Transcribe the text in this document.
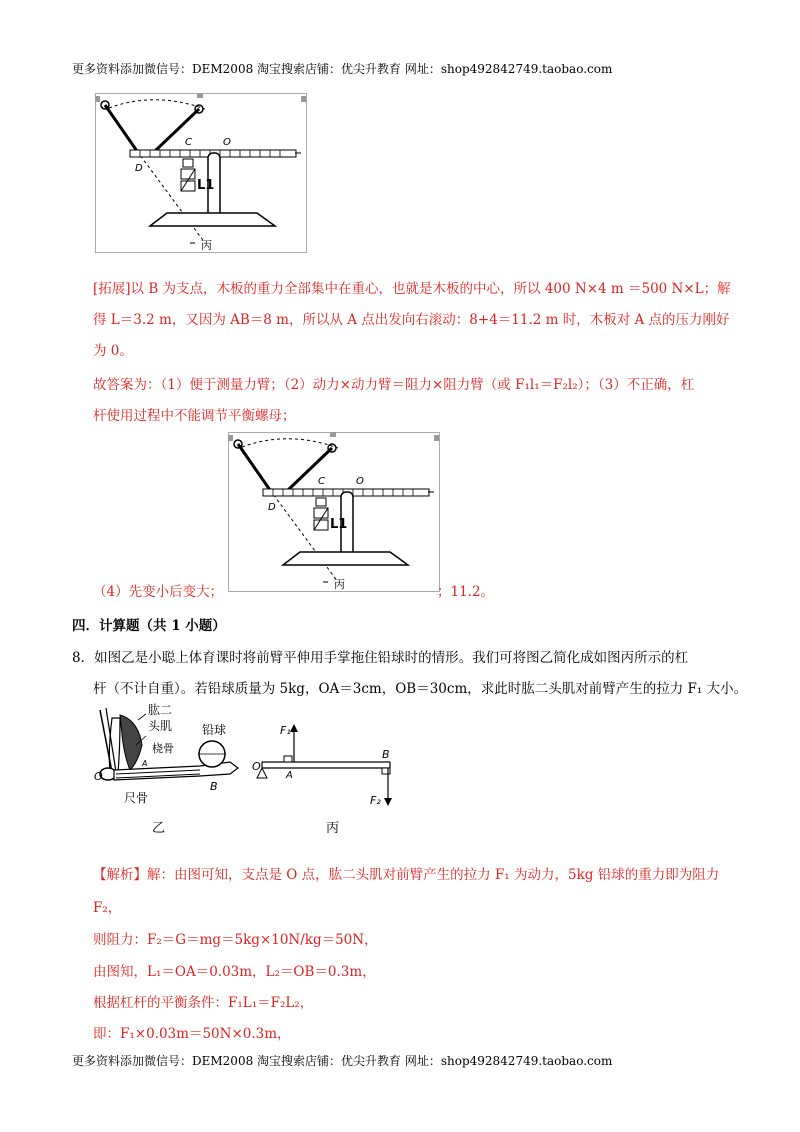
更多资料添加微信号：DEM2008 淘宝搜索店铺：优尖升教育 网址：shop492842749.taobao.com
C	O
D
L1
丙
[拓展]以 B 为支点，木板的重力全部集中在重心，也就是木板的中心，所以 400 N×4 m ＝500 N×L；解
得 L＝3.2 m，又因为 AB＝8 m，所以从 A 点出发向右滚动：8+4＝11.2 m 时，木板对 A 点的压力刚好
为 0。
故答案为：（1）便于测量力臂；（2）动力×动力臂＝阻力×阻力臂（或 F₁l₁＝F₂l₂）；（3）不正确，杠
杆使用过程中不能调节平衡螺母；
C	O
D
L1
丙
（4）先变小后变大；	；11.2。
四．计算题（共 1 小题）
8．如图乙是小聪上体育课时将前臂平伸用手掌拖住铅球时的情形。我们可将图乙简化成如图丙所示的杠
杆（不计自重）。若铅球质量为 5kg，OA＝3cm，OB＝30cm，求此时肱二头肌对前臂产生的拉力 F₁ 大小。
肱二
头肌 铅球
桡骨
O
A
B
尺骨
乙
F₁
O
A
B
F₂
丙
【解析】解：由图可知，支点是 O 点，肱二头肌对前臂产生的拉力 F₁ 为动力，5kg 铅球的重力即为阻力
F₂，
则阻力：F₂＝G＝mg＝5kg×10N/kg＝50N，
由图知，L₁＝OA＝0.03m，L₂＝OB＝0.3m，
根据杠杆的平衡条件：F₁L₁＝F₂L₂，
即：F₁×0.03m＝50N×0.3m，
更多资料添加微信号：DEM2008 淘宝搜索店铺：优尖升教育 网址：shop492842749.taobao.com
